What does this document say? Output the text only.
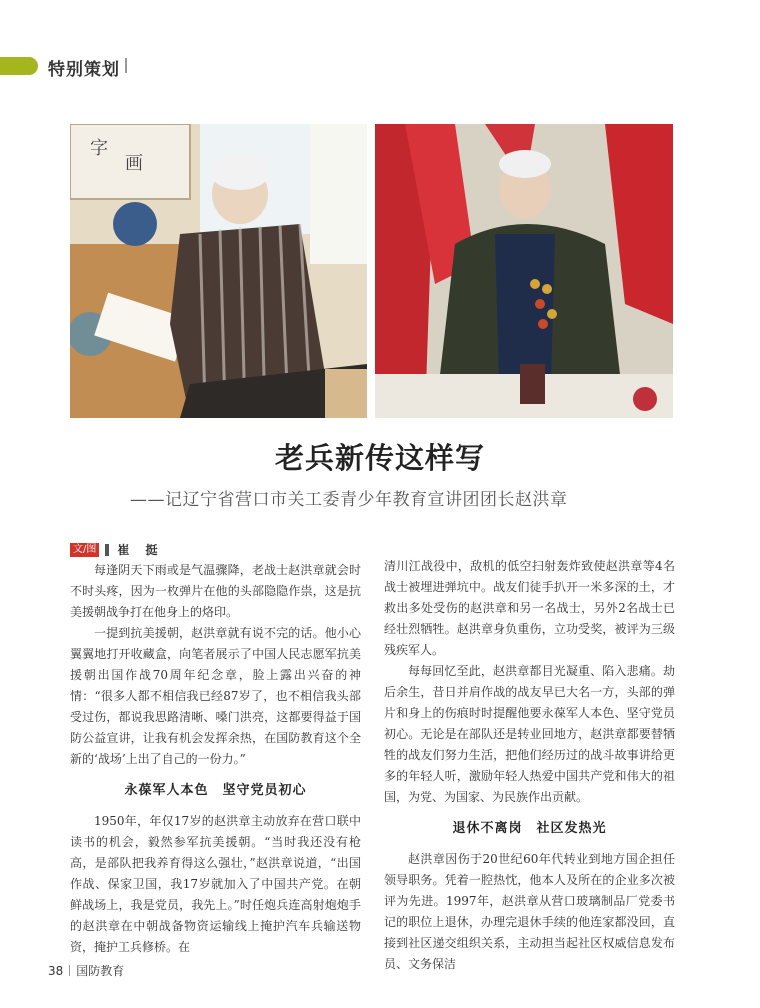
特别策划
字
画
老兵新传这样写
——记辽宁省营口市关工委青少年教育宣讲团团长赵洪章
文/图 崔 挺

每逢阴天下雨或是气温骤降，老战士赵洪章就会时不时头疼，因为一枚弹片在他的头部隐隐作祟，这是抗美援朝战争打在他身上的烙印。

一提到抗美援朝，赵洪章就有说不完的话。他小心翼翼地打开收藏盒，向笔者展示了中国人民志愿军抗美援朝出国作战70周年纪念章，脸上露出兴奋的神情：“很多人都不相信我已经87岁了，也不相信我头部受过伤，都说我思路清晰、嗓门洪亮，这都要得益于国防公益宣讲，让我有机会发挥余热，在国防教育这个全新的‘战场’上出了自己的一份力。”

永葆军人本色　坚守党员初心

1950年，年仅17岁的赵洪章主动放弃在营口联中读书的机会，毅然参军抗美援朝。“当时我还没有枪高，是部队把我养育得这么强壮，”赵洪章说道，“出国作战、保家卫国，我17岁就加入了中国共产党。在朝鲜战场上，我是党员，我先上。”时任炮兵连高射炮炮手的赵洪章在中朝战备物资运输线上掩护汽车兵输送物资，掩护工兵修桥。在

清川江战役中，敌机的低空扫射轰炸致使赵洪章等4名战士被埋进弹坑中。战友们徒手扒开一米多深的土，才救出多处受伤的赵洪章和另一名战士，另外2名战士已经壮烈牺牲。赵洪章身负重伤，立功受奖，被评为三级残疾军人。

每每回忆至此，赵洪章都目光凝重、陷入悲痛。劫后余生，昔日并肩作战的战友早已大名一方，头部的弹片和身上的伤痕时时提醒他要永葆军人本色、坚守党员初心。无论是在部队还是转业回地方，赵洪章都要替牺牲的战友们努力生活，把他们经历过的战斗故事讲给更多的年轻人听，激励年轻人热爱中国共产党和伟大的祖国，为党、为国家、为民族作出贡献。

退休不离岗　社区发热光

赵洪章因伤于20世纪60年代转业到地方国企担任领导职务。凭着一腔热忱，他本人及所在的企业多次被评为先进。1997年，赵洪章从营口玻璃制品厂党委书记的职位上退休，办理完退休手续的他连家都没回，直接到社区递交组织关系，主动担当起社区权威信息发布员、文务保洁

38 国防教育
